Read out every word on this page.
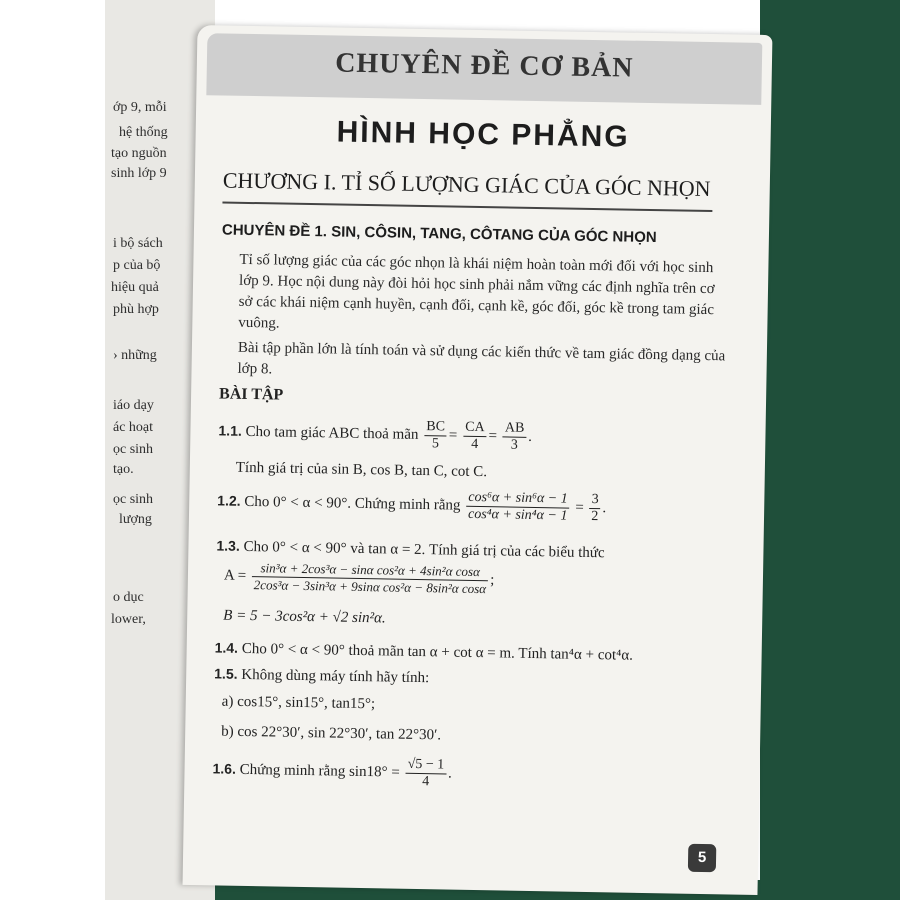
ớp 9, mỗi
hệ thống
tạo nguồn
sinh lớp 9
i bộ sách
p của bộ
hiệu quả
phù hợp
› những
iáo dạy
ác hoạt
ọc sinh
tạo.
ọc sinh
lượng
o dục
lower,
CHUYÊN ĐỀ CƠ BẢN
HÌNH HỌC PHẲNG
CHƯƠNG I. TỈ SỐ LƯỢNG GIÁC CỦA GÓC NHỌN
CHUYÊN ĐỀ 1. SIN, CÔSIN, TANG, CÔTANG CỦA GÓC NHỌN
Tỉ số lượng giác của các góc nhọn là khái niệm hoàn toàn mới đối với học sinh lớp 9. Học nội dung này đòi hỏi học sinh phải nắm vững các định nghĩa trên cơ sở các khái niệm cạnh huyền, cạnh đối, cạnh kề, góc đối, góc kề trong tam giác vuông.
Bài tập phần lớn là tính toán và sử dụng các kiến thức về tam giác đồng dạng của lớp 8.
BÀI TẬP
1.1. Cho tam giác ABC thoả mãn $\frac{BC}{5} = \frac{CA}{4} = \frac{AB}{3}$ .
Tính giá trị của sin B, cos B, tan C, cot C.
1.2. Cho 0° < α < 90°. Chứng minh rằng $\frac{\text{cos⁶α + sin⁶α − 1}}{\text{cos⁴α + sin⁴α − 1}} = \frac{3}{2}$ .
1.3. Cho 0° < α < 90° và tan α = 2. Tính giá trị của các biểu thức
$A = \frac{\text{sin³α + 2cos³α − sinα cos²α + 4sin²α cosα}}{\text{2cos³α − 3sin³α + 9sinα cos²α − 8sin²α cosα}}$ ;
B = 5 − 3cos²α + √2 sin²α.
1.4. Cho 0° < α < 90° thoả mãn tan α + cot α = m. Tính tan⁴α + cot⁴α.
1.5. Không dùng máy tính hãy tính:
a) cos15°, sin15°, tan15°;
b) cos 22°30′, sin 22°30′, tan 22°30′.
1.6. Chứng minh rằng $\sin 18^\circ = \frac{√5 - 1}{4}$ .
5
